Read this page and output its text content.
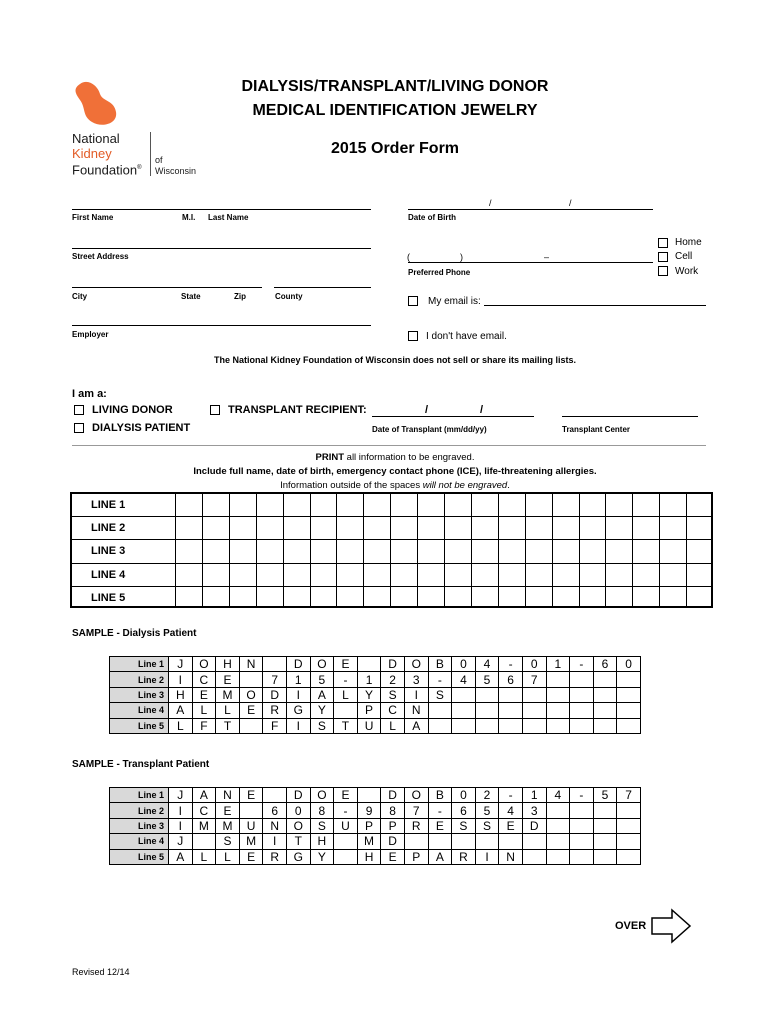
National
Kidney
Foundation®
of
Wisconsin
DIALYSIS/TRANSPLANT/LIVING DONOR
MEDICAL IDENTIFICATION JEWELRY
2015 Order Form
First Name	M.I. Last Name
/	/
Date of Birth
Street Address	(	)	–
Preferred Phone
Home
Cell
Work
City	State	Zip	County	My email is:
Employer	I don't have email.
The National Kidney Foundation of Wisconsin does not sell or share its mailing lists.
I am a:
LIVING DONOR
DIALYSIS PATIENT
TRANSPLANT RECIPIENT:	/	/
Date of Transplant (mm/dd/yy)	Transplant Center
PRINT all information to be engraved.
Include full name, date of birth, emergency contact phone (ICE), life-threatening allergies.
Information outside of the spaces will not be engraved.
LINE 1
LINE 2
LINE 3
LINE 4
LINE 5
SAMPLE - Dialysis Patient
Line 1	J	O	H	N		D	O	E		D	O	B	0	4	-	0	1	-	6	0
Line 2	I	C	E		7	1	5	-	1	2	3	-	4	5	6	7				
Line 3	H	E	M	O	D	I	A	L	Y	S	I	S								
Line 4	A	L	L	E	R	G	Y		P	C	N									
Line 5	L	F	T		F	I	S	T	U	L	A									
SAMPLE - Transplant Patient
Line 1	J	A	N	E		D	O	E		D	O	B	0	2	-	1	4	-	5	7
Line 2	I	C	E		6	0	8	-	9	8	7	-	6	5	4	3				
Line 3	I	M	M	U	N	O	S	U	P	P	R	E	S	S	E	D				
Line 4	J		S	M	I	T	H		M	D										
Line 5	A	L	L	E	R	G	Y		H	E	P	A	R	I	N					
OVER
Revised 12/14
